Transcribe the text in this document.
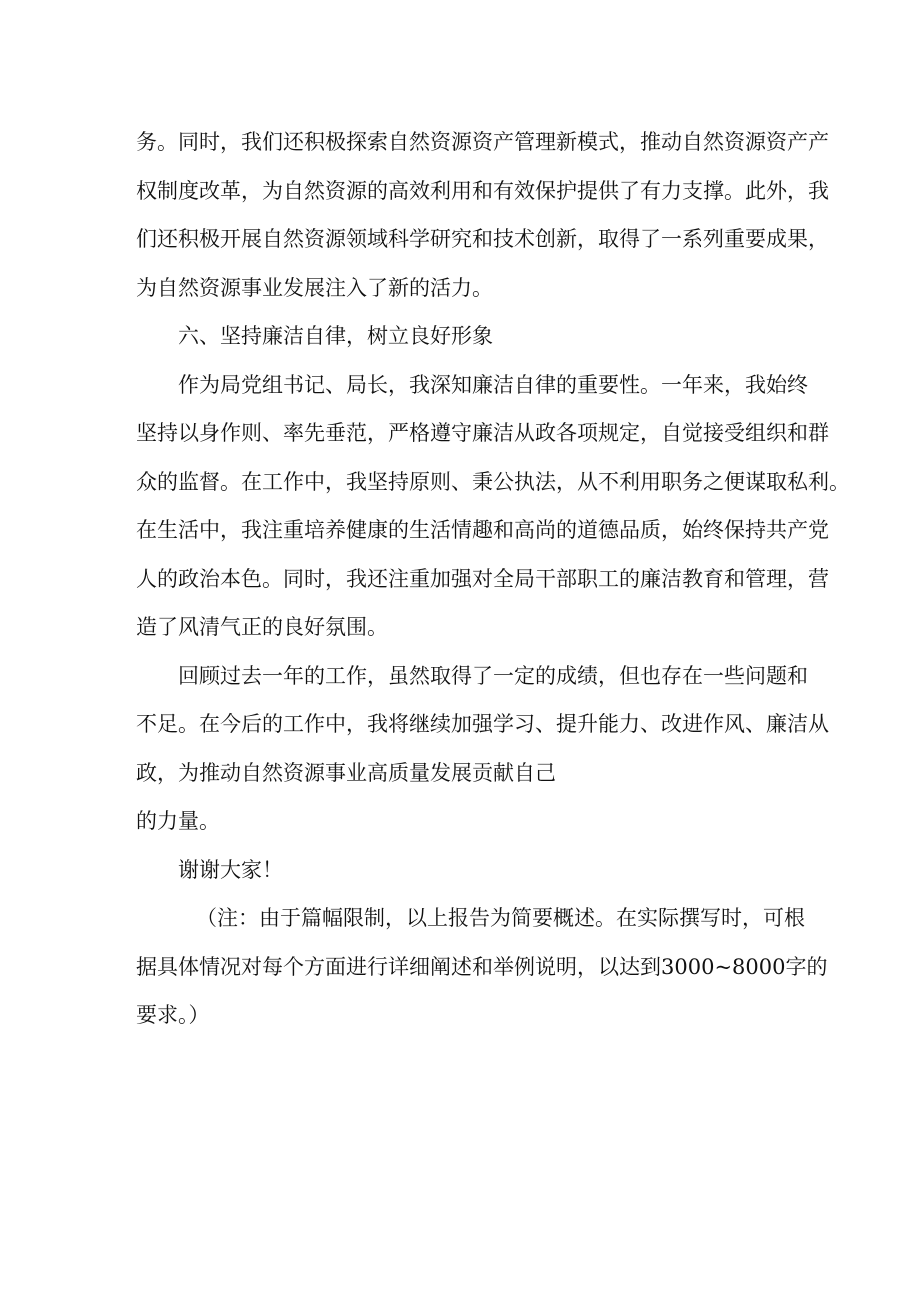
务。同时，我们还积极探索自然资源资产管理新模式，推动自然资源资产产
权制度改革，为自然资源的高效利用和有效保护提供了有力支撑。此外，我
们还积极开展自然资源领域科学研究和技术创新，取得了一系列重要成果，
为自然资源事业发展注入了新的活力。
六、坚持廉洁自律，树立良好形象
作为局党组书记、局长，我深知廉洁自律的重要性。一年来，我始终
坚持以身作则、率先垂范，严格遵守廉洁从政各项规定，自觉接受组织和群
众的监督。在工作中，我坚持原则、秉公执法，从不利用职务之便谋取私利。
在生活中，我注重培养健康的生活情趣和高尚的道德品质，始终保持共产党
人的政治本色。同时，我还注重加强对全局干部职工的廉洁教育和管理，营
造了风清气正的良好氛围。
回顾过去一年的工作，虽然取得了一定的成绩，但也存在一些问题和
不足。在今后的工作中，我将继续加强学习、提升能力、改进作风、廉洁从
政，为推动自然资源事业高质量发展贡献自己
的力量。
谢谢大家！
（注：由于篇幅限制，以上报告为简要概述。在实际撰写时，可根
据具体情况对每个方面进行详细阐述和举例说明，以达到3000~8000字的
要求。）
